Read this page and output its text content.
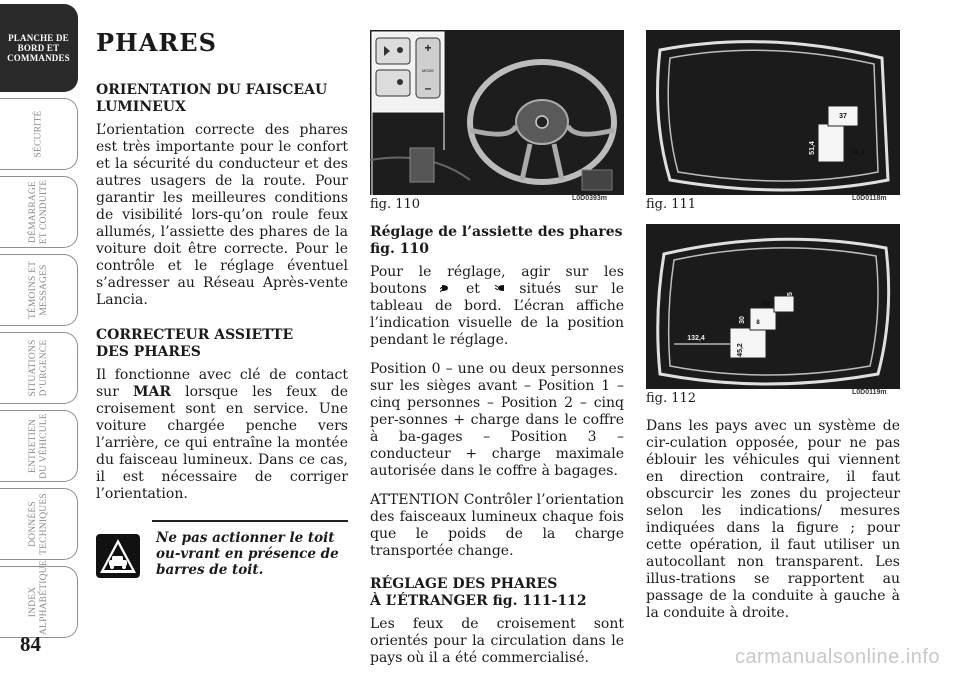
PLANCHE DE
BORD ET
COMMANDES
SÉCURITÉ
DÉMARRAGE
ET CONDUITE
TÉMOINS ET
MESSAGES
SITUATIONS
D’URGENCE
ENTRETIEN
DU VÉHICULE
DONNÉES
TECHNIQUES
INDEX
ALPHABÉTIQUE
84
PHARES
ORIENTATION DU FAISCEAU
LUMINEUX

L’orientation correcte des phares est très importante pour le confort et la sécurité du conducteur et des autres usagers de la route. Pour garantir les meilleures conditions de visibilité lors-qu’on roule feux allumés, l’assiette des phares de la voiture doit être correcte. Pour le contrôle et le réglage éventuel s’adresser au Réseau Après-vente Lancia.

CORRECTEUR ASSIETTE
DES PHARES

Il fonctionne avec clé de contact sur MAR lorsque les feux de croisement sont en service. Une voiture chargée penche vers l’arrière, ce qui entraîne la montée du faisceau lumineux. Dans ce cas, il est nécessaire de corriger l’orientation.

Ne pas actionner le toit ou-vrant en présence de barres de toit.
+
MODE
–
fig. 110	L0D0393m
Réglage de l’assiette des phares
fig. 110

Pour le réglage, agir sur les boutons	et	situés sur le tableau de bord. L’écran affiche l’indication visuelle de la position pendant le réglage.

Position 0 – une ou deux personnes sur les sièges avant – Position 1 – cinq personnes – Position 2 – cinq per-sonnes + charge dans le coffre à ba-gages – Position 3 – conducteur + charge maximale autorisée dans le coffre à bagages.

ATTENTION Contrôler l’orientation des faisceaux lumineux chaque fois que le poids de la charge transportée change.

RÉGLAGE DES PHARES
À L’ÉTRANGER fig. 111-112

Les feux de croisement sont orientés pour la circulation dans le pays où il a été commercialisé.

37
51,4	32,4
fig. 111	L0D0118m
35
30
30
45,2
132,4
8
fig. 112	L0D0119m

Dans les pays avec un système de cir-culation opposée, pour ne pas éblouir les véhicules qui viennent en direction contraire, il faut obscurcir les zones du projecteur selon les indications/ mesures indiquées dans la figure ; pour cette opération, il faut utiliser un autocollant non transparent. Les illus-trations se rapportent au passage de la conduite à gauche à la conduite à droite.

carmanualsonline.info
